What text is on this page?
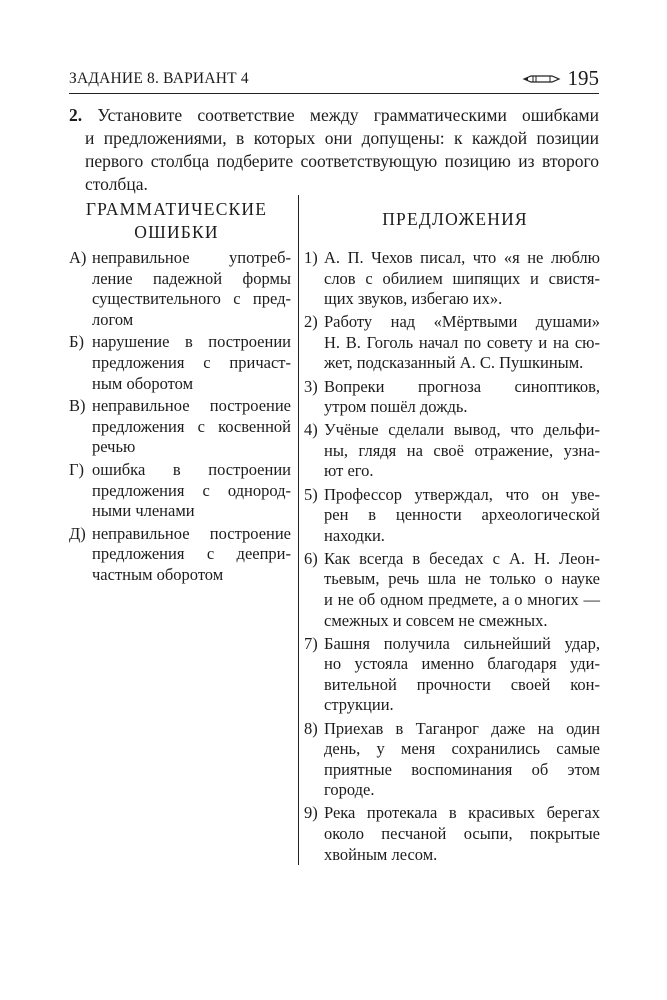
ЗАДАНИЕ 8. ВАРИАНТ 4	195
2. Установите соответствие между грамматическими ошибками
и предложениями, в которых они допущены: к каждой позиции
первого столбца подберите соответствующую позицию из второго
столбца.
ГРАММАТИЧЕСКИЕ
ОШИБКИ
ПРЕДЛОЖЕНИЯ
А) неправильное употреб-
ление падежной формы
существительного с пред-
логом
Б) нарушение в построении
предложения с причаст-
ным оборотом
В) неправильное построение
предложения с косвенной
речью
Г) ошибка в построении
предложения с однород-
ными членами
Д) неправильное построение
предложения с деепри-
частным оборотом
1) А. П. Чехов писал, что «я не люблю
слов с обилием шипящих и свистя-
щих звуков, избегаю их».
2) Работу над «Мёртвыми душами»
Н. В. Гоголь начал по совету и на сю-
жет, подсказанный А. С. Пушкиным.
3) Вопреки прогноза синоптиков,
утром пошёл дождь.
4) Учёные сделали вывод, что дельфи-
ны, глядя на своё отражение, узна-
ют его.
5) Профессор утверждал, что он уве-
рен в ценности археологической
находки.
6) Как всегда в беседах с А. Н. Леон-
тьевым, речь шла не только о науке
и не об одном предмете, а о многих —
смежных и совсем не смежных.
7) Башня получила сильнейший удар,
но устояла именно благодаря уди-
вительной прочности своей кон-
струкции.
8) Приехав в Таганрог даже на один
день, у меня сохранились самые
приятные воспоминания об этом
городе.
9) Река протекала в красивых берегах
около песчаной осыпи, покрытые
хвойным лесом.
